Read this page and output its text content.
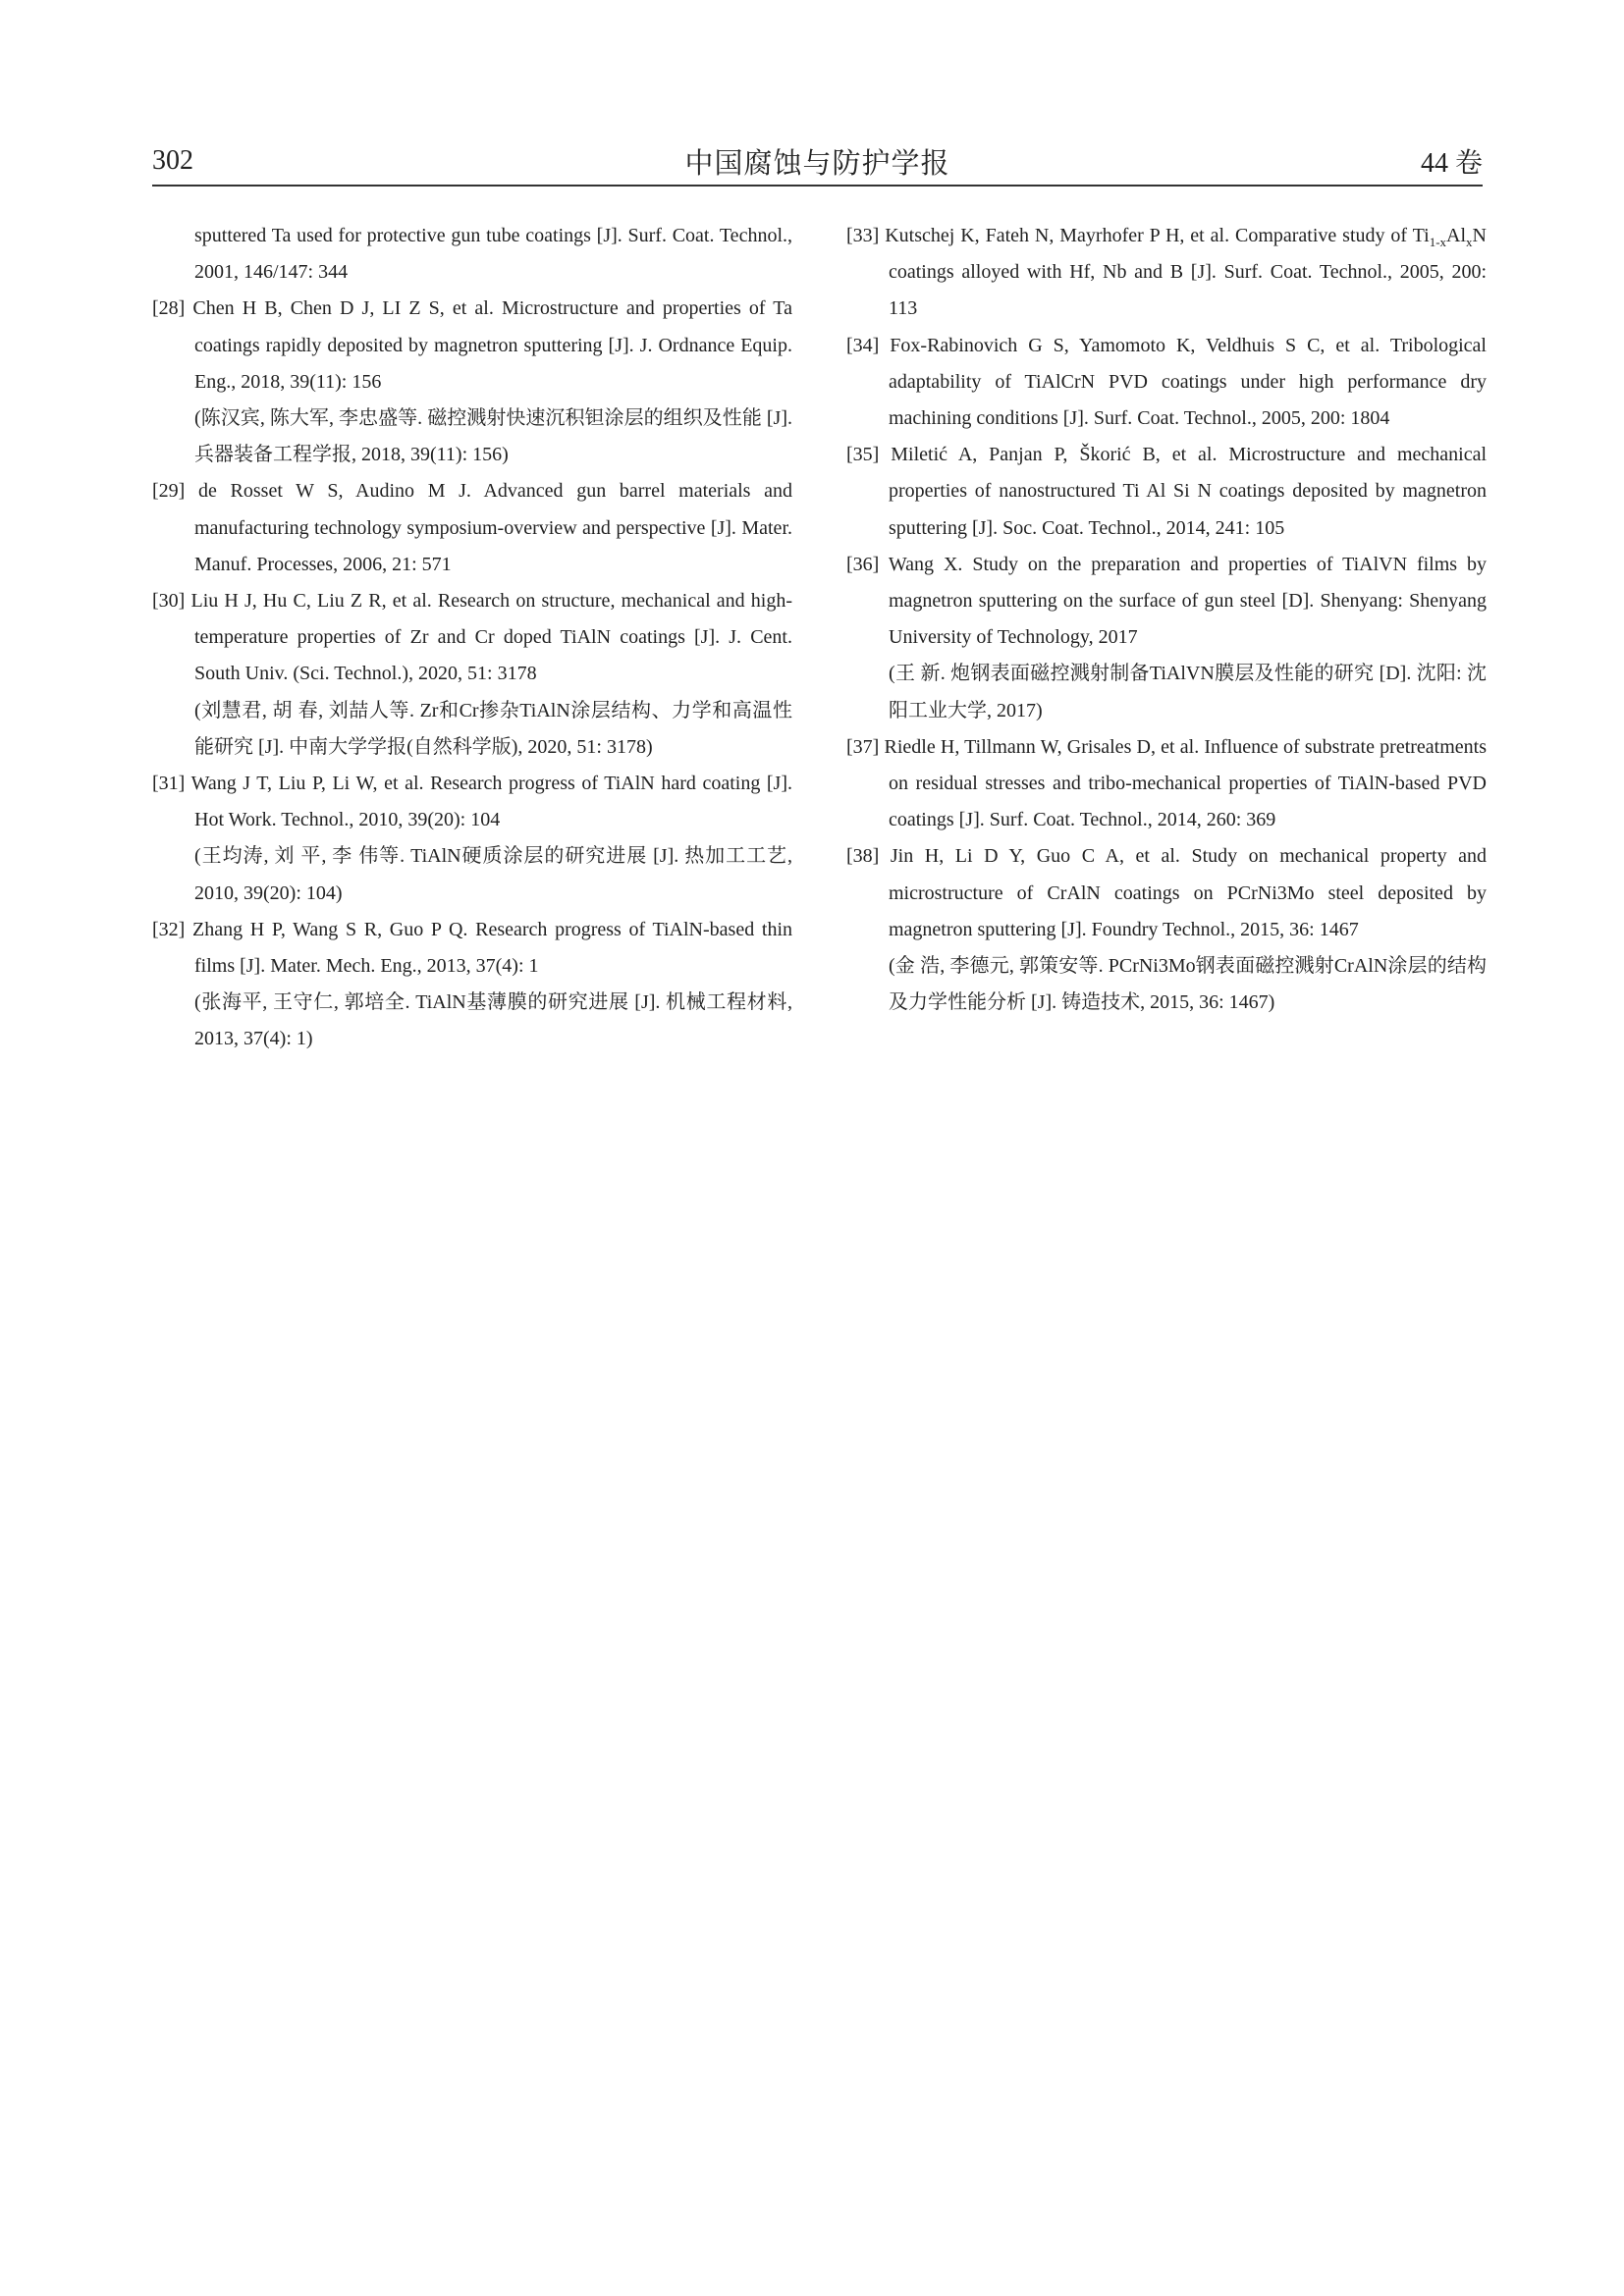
302	中国腐蚀与防护学报	44 卷

sputtered Ta used for protective gun tube coatings [J]. Surf. Coat. Technol., 2001, 146/147: 344

[28] Chen H B, Chen D J, LI Z S, et al. Microstructure and properties of Ta coatings rapidly deposited by magnetron sputtering [J]. J. Ordnance Equip. Eng., 2018, 39(11): 156
(陈汉宾, 陈大军, 李忠盛等. 磁控溅射快速沉积钽涂层的组织及性能 [J]. 兵器装备工程学报, 2018, 39(11): 156)

[29] de Rosset W S, Audino M J. Advanced gun barrel materials and manufacturing technology symposium-overview and perspective [J]. Mater. Manuf. Processes, 2006, 21: 571

[30] Liu H J, Hu C, Liu Z R, et al. Research on structure, mechanical and high-temperature properties of Zr and Cr doped TiAlN coatings [J]. J. Cent. South Univ. (Sci. Technol.), 2020, 51: 3178
(刘慧君, 胡 春, 刘喆人等. Zr和Cr掺杂TiAlN涂层结构、力学和高温性能研究 [J]. 中南大学学报(自然科学版), 2020, 51: 3178)

[31] Wang J T, Liu P, Li W, et al. Research progress of TiAlN hard coating [J]. Hot Work. Technol., 2010, 39(20): 104
(王均涛, 刘 平, 李 伟等. TiAlN硬质涂层的研究进展 [J]. 热加工工艺, 2010, 39(20): 104)

[32] Zhang H P, Wang S R, Guo P Q. Research progress of TiAlN-based thin films [J]. Mater. Mech. Eng., 2013, 37(4): 1
(张海平, 王守仁, 郭培全. TiAlN基薄膜的研究进展 [J]. 机械工程材料, 2013, 37(4): 1)

[33] Kutschej K, Fateh N, Mayrhofer P H, et al. Comparative study of $Ti_{1-x}Al_xN$ coatings alloyed with Hf, Nb and B [J]. Surf. Coat. Technol., 2005, 200: 113

[34] Fox-Rabinovich G S, Yamomoto K, Veldhuis S C, et al. Tribological adaptability of TiAlCrN PVD coatings under high performance dry machining conditions [J]. Surf. Coat. Technol., 2005, 200: 1804

[35] Miletić A, Panjan P, Škorić B, et al. Microstructure and mechanical properties of nanostructured Ti Al Si N coatings deposited by magnetron sputtering [J]. Soc. Coat. Technol., 2014, 241: 105

[36] Wang X. Study on the preparation and properties of TiAlVN films by magnetron sputtering on the surface of gun steel [D]. Shenyang: Shenyang University of Technology, 2017
(王 新. 炮钢表面磁控溅射制备TiAlVN膜层及性能的研究 [D]. 沈阳: 沈阳工业大学, 2017)

[37] Riedle H, Tillmann W, Grisales D, et al. Influence of substrate pretreatments on residual stresses and tribo-mechanical properties of TiAlN-based PVD coatings [J]. Surf. Coat. Technol., 2014, 260: 369

[38] Jin H, Li D Y, Guo C A, et al. Study on mechanical property and microstructure of CrAlN coatings on PCrNi3Mo steel deposited by magnetron sputtering [J]. Foundry Technol., 2015, 36: 1467
(金 浩, 李德元, 郭策安等. PCrNi3Mo钢表面磁控溅射CrAlN涂层的结构及力学性能分析 [J]. 铸造技术, 2015, 36: 1467)
